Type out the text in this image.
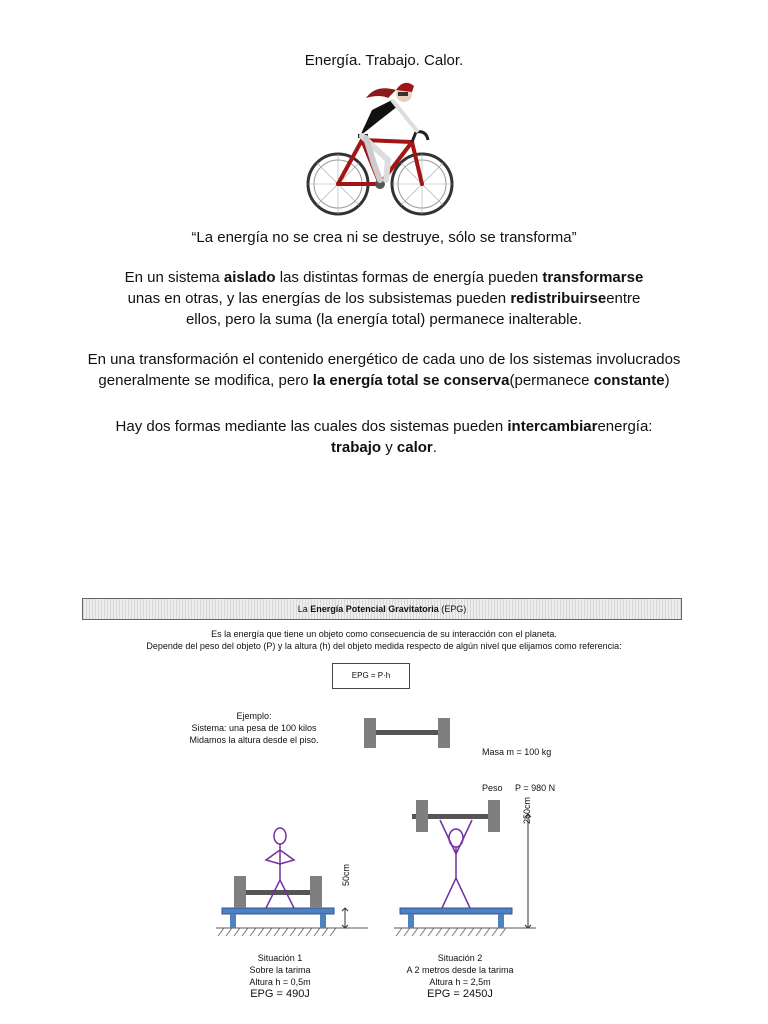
Energía. Trabajo. Calor.
“La energía no se crea ni se destruye, sólo se transforma”
En un sistema aislado las distintas formas de energía pueden transformarse
unas en otras, y las energías de los subsistemas pueden redistribuirseentre
ellos, pero la suma (la energía total) permanece inalterable.
En una transformación el contenido energético de cada uno de los sistemas involucrados
generalmente se modifica, pero la energía total se conserva(permanece constante)
Hay dos formas mediante las cuales dos sistemas pueden intercambiarenergía:
trabajo y calor.
La Energía Potencial Gravitatoria (EPG)
Es la energía que tiene un objeto como consecuencia de su interacción con el planeta.
Depende del peso del objeto (P) y la altura (h) del objeto medida respecto de algún nivel que elijamos como referencia:
EPG = P·h
Ejemplo:
Sistema: una pesa de 100 kilos
Midamos la altura desde el piso.

Masa m = 100 kg

Peso     P = 980 N

50cm
250cm
Situación 1
Sobre la tarima
Altura h = 0,5m
EPG = 490J
Situación 2
A 2 metros desde la tarima
Altura h = 2,5m
EPG = 2450J
